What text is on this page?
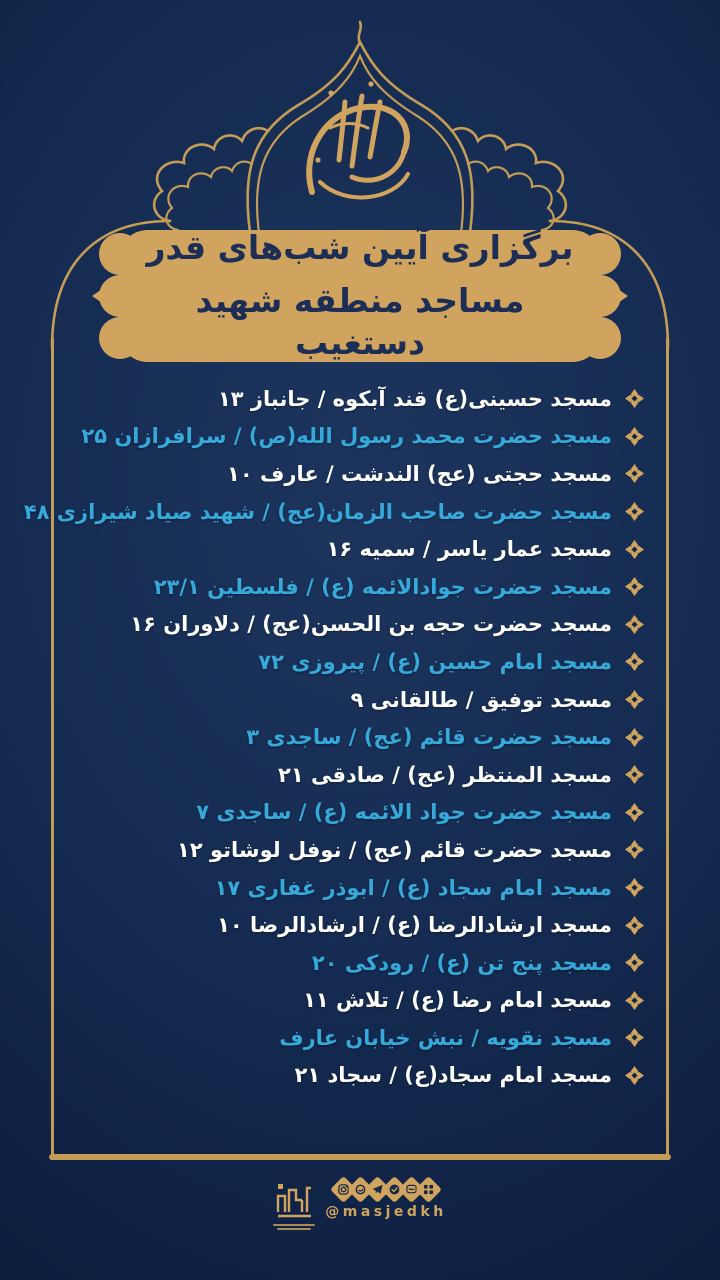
برگزاری آیین شب‌های قدر
مساجد منطقه شهید دستغیب
مسجد حسینی(ع) قند آبکوه / جانباز ۱۳
مسجد حضرت محمد رسول الله(ص) / سرافرازان ۲۵
مسجد حجتی (عج) الندشت / عارف ۱۰
مسجد حضرت صاحب الزمان(عج) / شهید صیاد شیرازی ۴۸
مسجد عمار یاسر / سمیه ۱۶
مسجد حضرت جوادالائمه (ع) / فلسطین ۲۳/۱
مسجد حضرت حجه بن الحسن(عج) / دلاوران ۱۶
مسجد امام حسین (ع) / پیروزی ۷۲
مسجد توفیق / طالقانی ۹
مسجد حضرت قائم (عج) / ساجدی ۳
مسجد المنتظر (عج) / صادقی ۲۱
مسجد حضرت جواد الائمه (ع) / ساجدی ۷
مسجد حضرت قائم (عج) / نوفل لوشاتو ۱۲
مسجد امام سجاد (ع) / ابوذر غفاری ۱۷
مسجد ارشادالرضا (ع) / ارشادالرضا ۱۰
مسجد پنج تن (ع) / رودکی ۲۰
مسجد امام رضا (ع) / تلاش ۱۱
مسجد نقویه / نبش خیابان عارف
مسجد امام سجاد(ع) / سجاد ۲۱
@masjedkh
